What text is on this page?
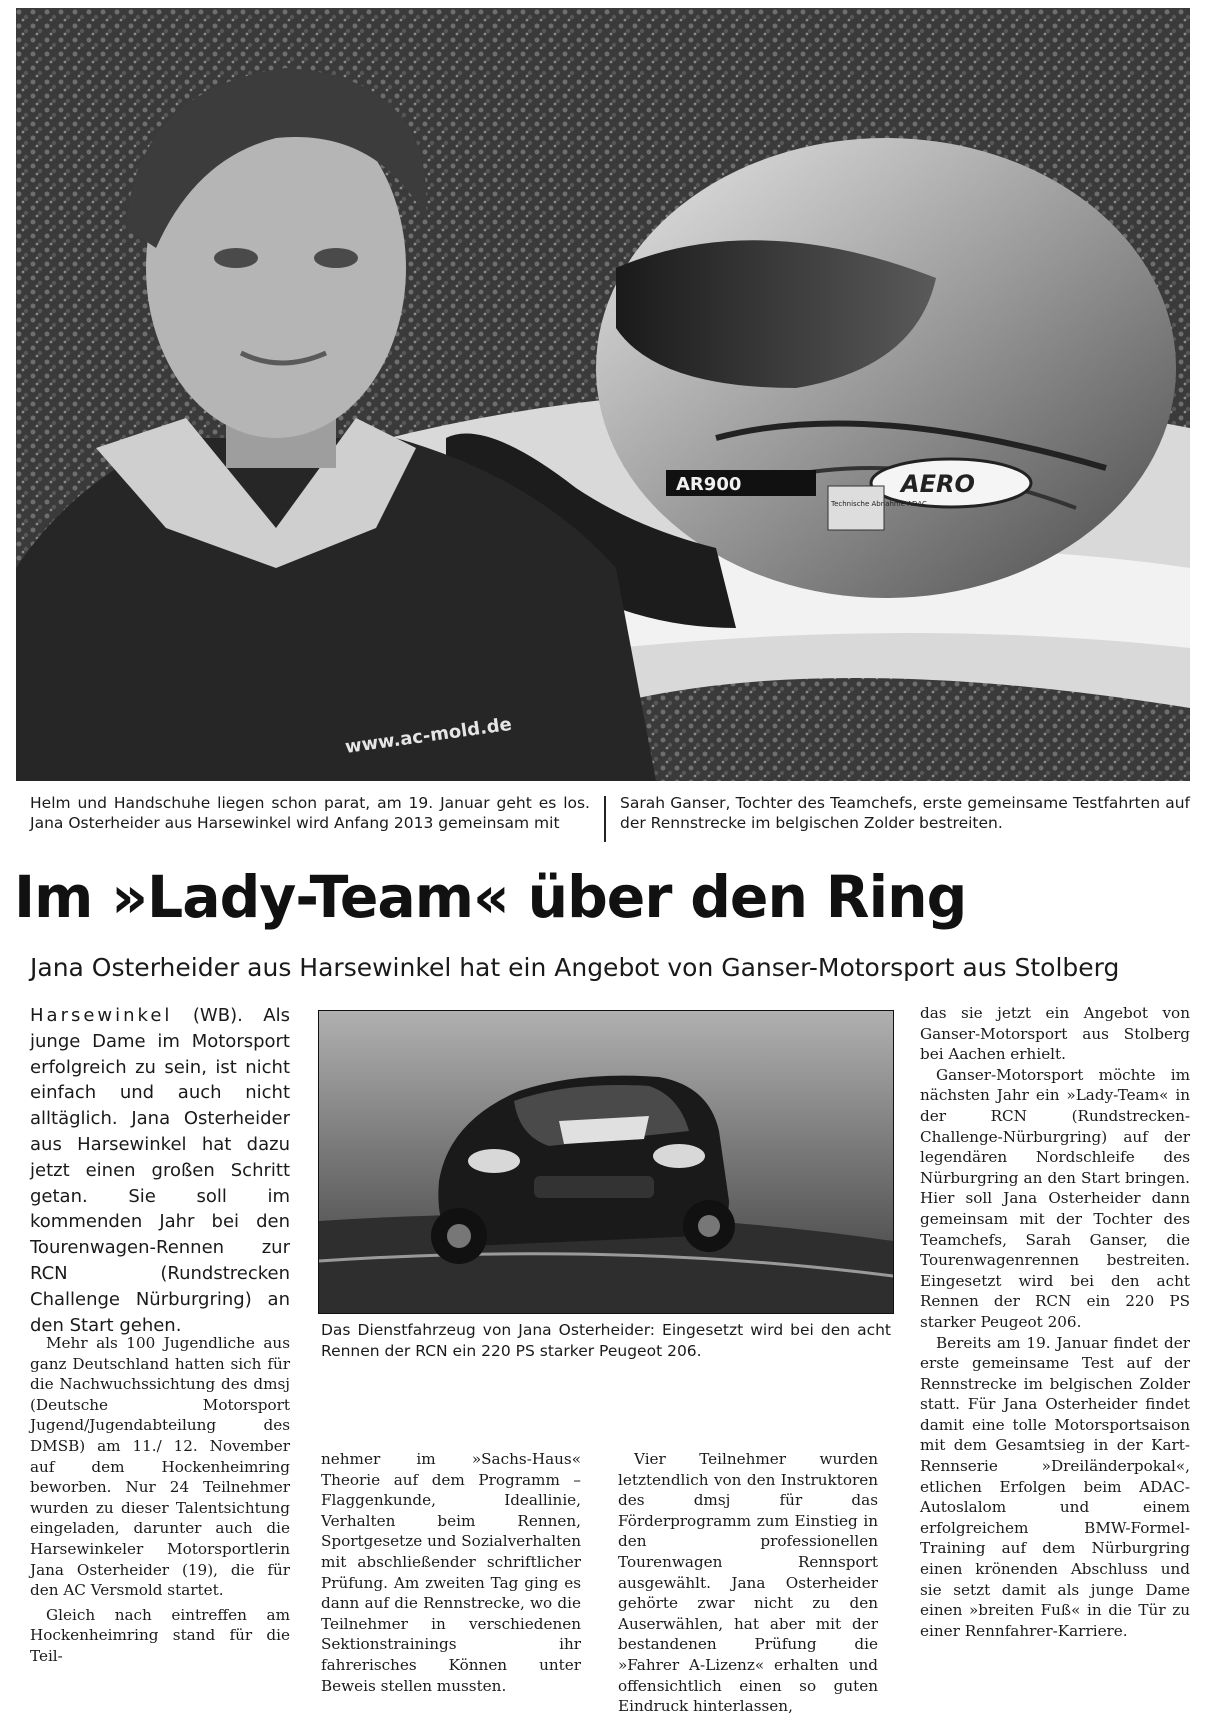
AR900	AERO
Technische Abnahme ADAC
www.ac-mold.de
Helm und Handschuhe liegen schon parat, am 19. Januar geht es los. Jana Osterheider aus Harsewinkel wird Anfang 2013 gemeinsam mit
Sarah Ganser, Tochter des Teamchefs, erste gemeinsame Testfahrten auf der Rennstrecke im belgischen Zolder bestreiten.
Im »Lady-Team« über den Ring
Jana Osterheider aus Harsewinkel hat ein Angebot von Ganser-Motorsport aus Stolberg
Harsewinkel (WB). Als junge Dame im Motorsport erfolgreich zu sein, ist nicht einfach und auch nicht alltäglich. Jana Osterheider aus Harsewinkel hat dazu jetzt einen großen Schritt getan. Sie soll im kommenden Jahr bei den Tourenwagen-Rennen zur RCN (Rundstrecken Challenge Nürburgring) an den Start gehen.

Mehr als 100 Jugendliche aus ganz Deutschland hatten sich für die Nachwuchssichtung des dmsj (Deutsche Motorsport Jugend/Jugendabteilung des DMSB) am 11./ 12. November auf dem Hockenheimring beworben. Nur 24 Teilnehmer wurden zu dieser Talentsichtung eingeladen, darunter auch die Harsewinkeler Motorsportlerin Jana Osterheider (19), die für den AC Versmold startet.

Gleich nach eintreffen am Hockenheimring stand für die Teil-

Das Dienstfahrzeug von Jana Osterheider: Eingesetzt wird bei den acht Rennen der RCN ein 220 PS starker Peugeot 206.
nehmer im »Sachs-Haus« Theorie auf dem Programm – Flaggenkunde, Ideallinie, Verhalten beim Rennen, Sportgesetze und Sozialverhalten mit abschließender schriftlicher Prüfung. Am zweiten Tag ging es dann auf die Rennstrecke, wo die Teilnehmer in verschiedenen Sektionstrainings ihr fahrerisches Können unter Beweis stellen mussten.

Vier Teilnehmer wurden letztendlich von den Instruktoren des dmsj für das Förderprogramm zum Einstieg in den professionellen Tourenwagen Rennsport ausgewählt. Jana Osterheider gehörte zwar nicht zu den Auserwählen, hat aber mit der bestandenen Prüfung die »Fahrer A-Lizenz« erhalten und offensichtlich einen so guten Eindruck hinterlassen,

das sie jetzt ein Angebot von Ganser-Motorsport aus Stolberg bei Aachen erhielt.

Ganser-Motorsport möchte im nächsten Jahr ein »Lady-Team« in der RCN (Rundstrecken-Challenge-Nürburgring) auf der legendären Nordschleife des Nürburgring an den Start bringen. Hier soll Jana Osterheider dann gemeinsam mit der Tochter des Teamchefs, Sarah Ganser, die Tourenwagenrennen bestreiten. Eingesetzt wird bei den acht Rennen der RCN ein 220 PS starker Peugeot 206.

Bereits am 19. Januar findet der erste gemeinsame Test auf der Rennstrecke im belgischen Zolder statt. Für Jana Osterheider findet damit eine tolle Motorsportsaison mit dem Gesamtsieg in der Kart-Rennserie »Dreiländerpokal«, etlichen Erfolgen beim ADAC-Autoslalom und einem erfolgreichem BMW-Formel-Training auf dem Nürburgring einen krönenden Abschluss und sie setzt damit als junge Dame einen »breiten Fuß« in die Tür zu einer Rennfahrer-Karriere.
